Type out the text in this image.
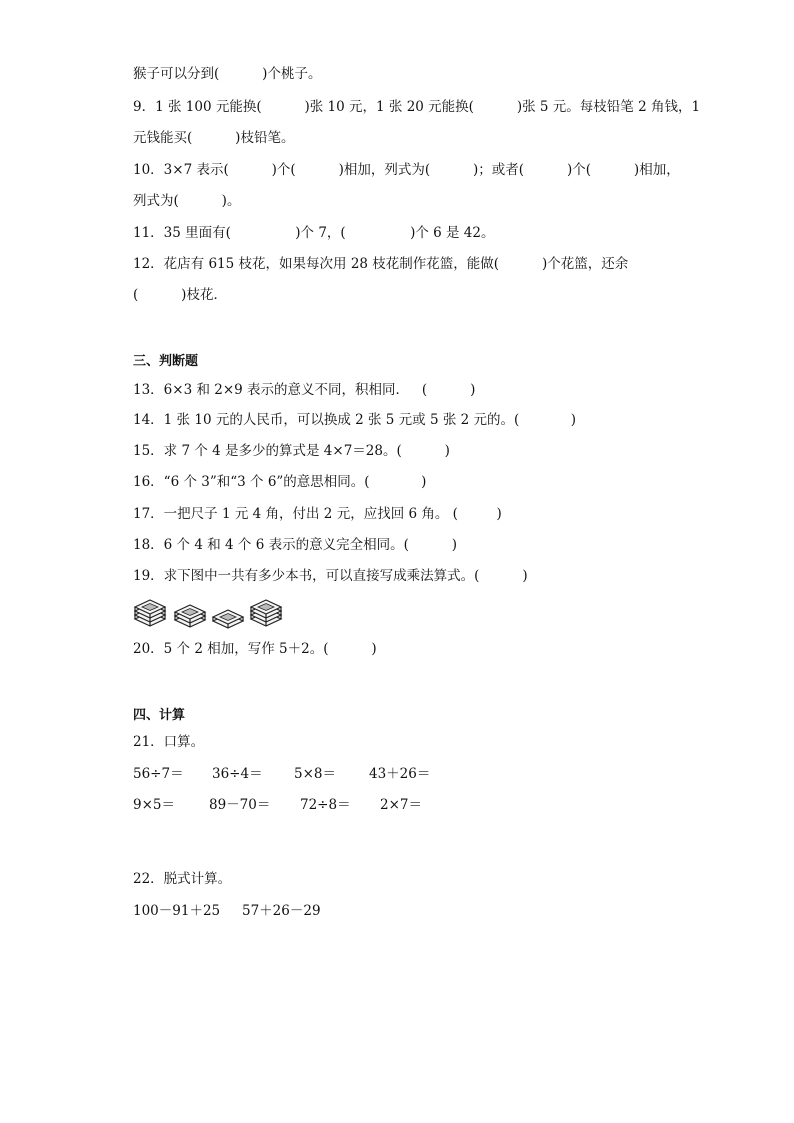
猴子可以分到(          )个桃子。
9．1 张 100 元能换(          )张 10 元，1 张 20 元能换(          )张 5 元。每枝铅笔 2 角钱，1
元钱能买(          )枝铅笔。
10．3×7 表示(          )个(          )相加，列式为(          )；或者(          )个(          )相加，
列式为(          )。
11．35 里面有(               )个 7，(               )个 6 是 42。
12．花店有 615 枝花，如果每次用 28 枝花制作花篮，能做(          )个花篮，还余
(          )枝花．
三、判断题
13．6×3 和 2×9 表示的意义不同，积相同．   (          )
14．1 张 10 元的人民币，可以换成 2 张 5 元或 5 张 2 元的。(            )
15．求 7 个 4 是多少的算式是 4×7＝28。(          )
16．“6 个 3”和“3 个 6”的意思相同。(            )
17．一把尺子 1 元 4 角，付出 2 元，应找回 6 角。 (         )
18．6 个 4 和 4 个 6 表示的意义完全相同。(          )
19．求下图中一共有多少本书，可以直接写成乘法算式。(          )
20．5 个 2 相加，写作 5＋2。(          )
四、计算
21．口算。
56÷7＝ 36÷4＝ 5×8＝ 43＋26＝
9×5＝	89－70＝ 72÷8＝ 2×7＝
22．脱式计算。
100－91＋25 57＋26－29
